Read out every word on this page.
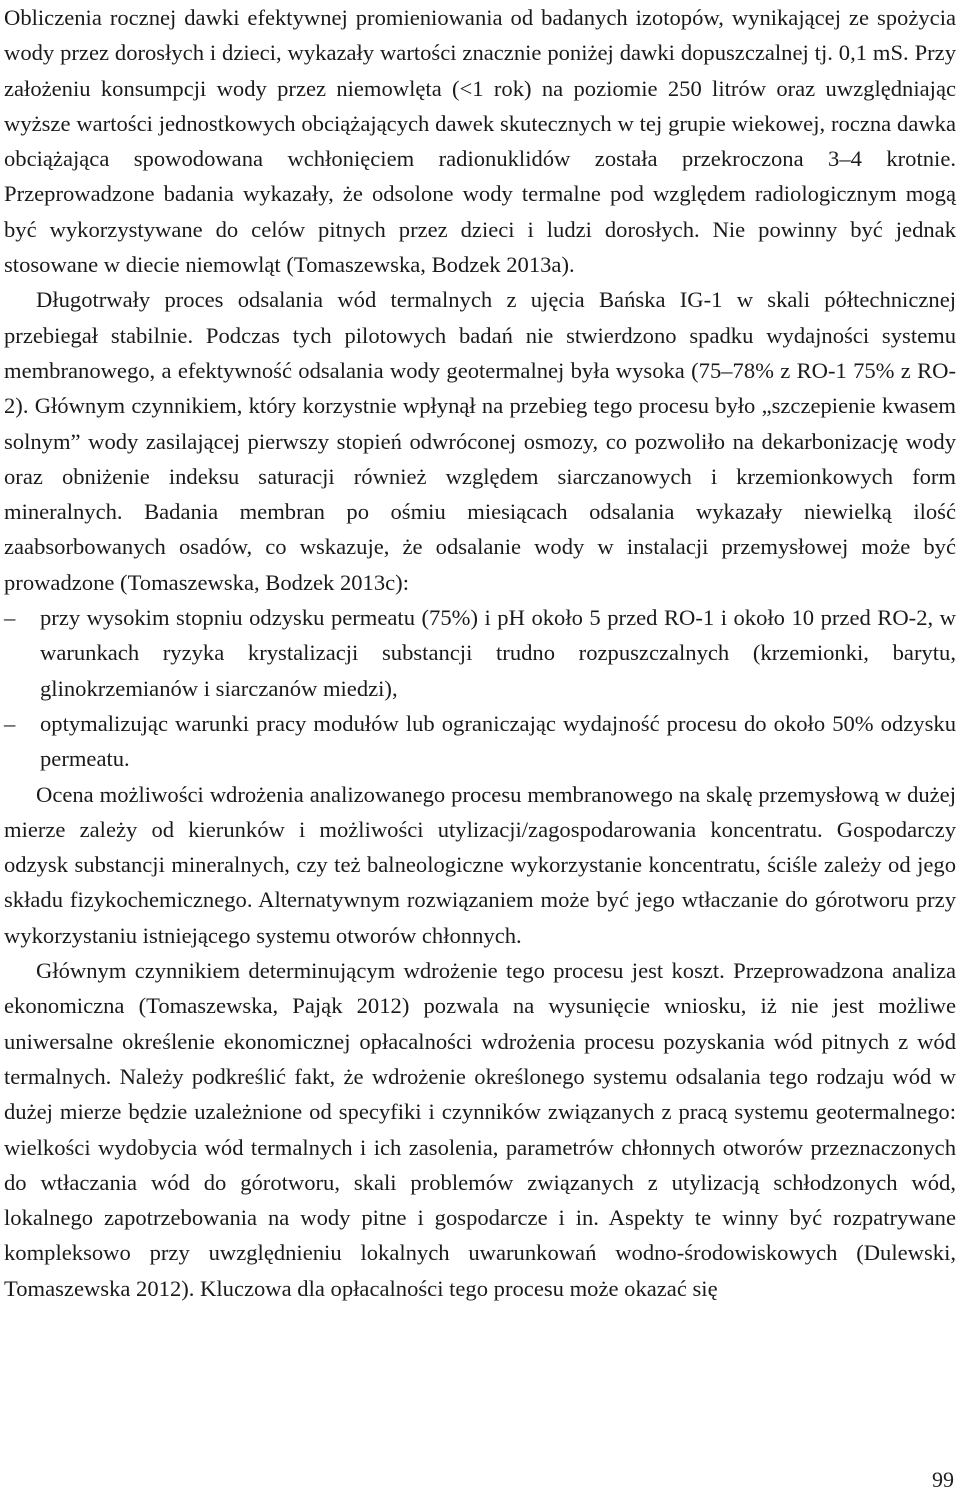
Obliczenia rocznej dawki efektywnej promieniowania od badanych izotopów, wynikającej ze spożycia wody przez dorosłych i dzieci, wykazały wartości znacznie poniżej dawki dopuszczalnej tj. 0,1 mS. Przy założeniu konsumpcji wody przez niemowlęta (<1 rok) na poziomie 250 litrów oraz uwzględniając wyższe wartości jednostkowych obciążających dawek skutecznych w tej grupie wiekowej, roczna dawka obciążająca spowodowana wchłonięciem radionuklidów została przekroczona 3–4 krotnie. Przeprowadzone badania wykazały, że odsolone wody termalne pod względem radiologicznym mogą być wykorzystywane do celów pitnych przez dzieci i ludzi dorosłych. Nie powinny być jednak stosowane w diecie niemowląt (Tomaszewska, Bodzek 2013a).

Długotrwały proces odsalania wód termalnych z ujęcia Bańska IG-1 w skali półtechnicznej przebiegał stabilnie. Podczas tych pilotowych badań nie stwierdzono spadku wydajności systemu membranowego, a efektywność odsalania wody geotermalnej była wysoka (75–78% z RO-1 75% z RO-2). Głównym czynnikiem, który korzystnie wpłynął na przebieg tego procesu było „szczepienie kwasem solnym” wody zasilającej pierwszy stopień odwróconej osmozy, co pozwoliło na dekarbonizację wody oraz obniżenie indeksu saturacji również względem siarczanowych i krzemionkowych form mineralnych. Badania membran po ośmiu miesiącach odsalania wykazały niewielką ilość zaabsorbowanych osadów, co wskazuje, że odsalanie wody w instalacji przemysłowej może być prowadzone (Tomaszewska, Bodzek 2013c):

– przy wysokim stopniu odzysku permeatu (75%) i pH około 5 przed RO-1 i około 10 przed RO-2, w warunkach ryzyka krystalizacji substancji trudno rozpuszczalnych (krzemionki, barytu, glinokrzemianów i siarczanów miedzi),
– optymalizując warunki pracy modułów lub ograniczając wydajność procesu do około 50% odzysku permeatu.

Ocena możliwości wdrożenia analizowanego procesu membranowego na skalę przemysłową w dużej mierze zależy od kierunków i możliwości utylizacji/zagospodarowania koncentratu. Gospodarczy odzysk substancji mineralnych, czy też balneologiczne wykorzystanie koncentratu, ściśle zależy od jego składu fizykochemicznego. Alternatywnym rozwiązaniem może być jego wtłaczanie do górotworu przy wykorzystaniu istniejącego systemu otworów chłonnych.

Głównym czynnikiem determinującym wdrożenie tego procesu jest koszt. Przeprowadzona analiza ekonomiczna (Tomaszewska, Pająk 2012) pozwala na wysunięcie wniosku, iż nie jest możliwe uniwersalne określenie ekonomicznej opłacalności wdrożenia procesu pozyskania wód pitnych z wód termalnych. Należy podkreślić fakt, że wdrożenie określonego systemu odsalania tego rodzaju wód w dużej mierze będzie uzależnione od specyfiki i czynników związanych z pracą systemu geotermalnego: wielkości wydobycia wód termalnych i ich zasolenia, parametrów chłonnych otworów przeznaczonych do wtłaczania wód do górotworu, skali problemów związanych z utylizacją schłodzonych wód, lokalnego zapotrzebowania na wody pitne i gospodarcze i in. Aspekty te winny być rozpatrywane kompleksowo przy uwzględnieniu lokalnych uwarunkowań wodno-środowiskowych (Dulewski, Tomaszewska 2012). Kluczowa dla opłacalności tego procesu może okazać się

99
